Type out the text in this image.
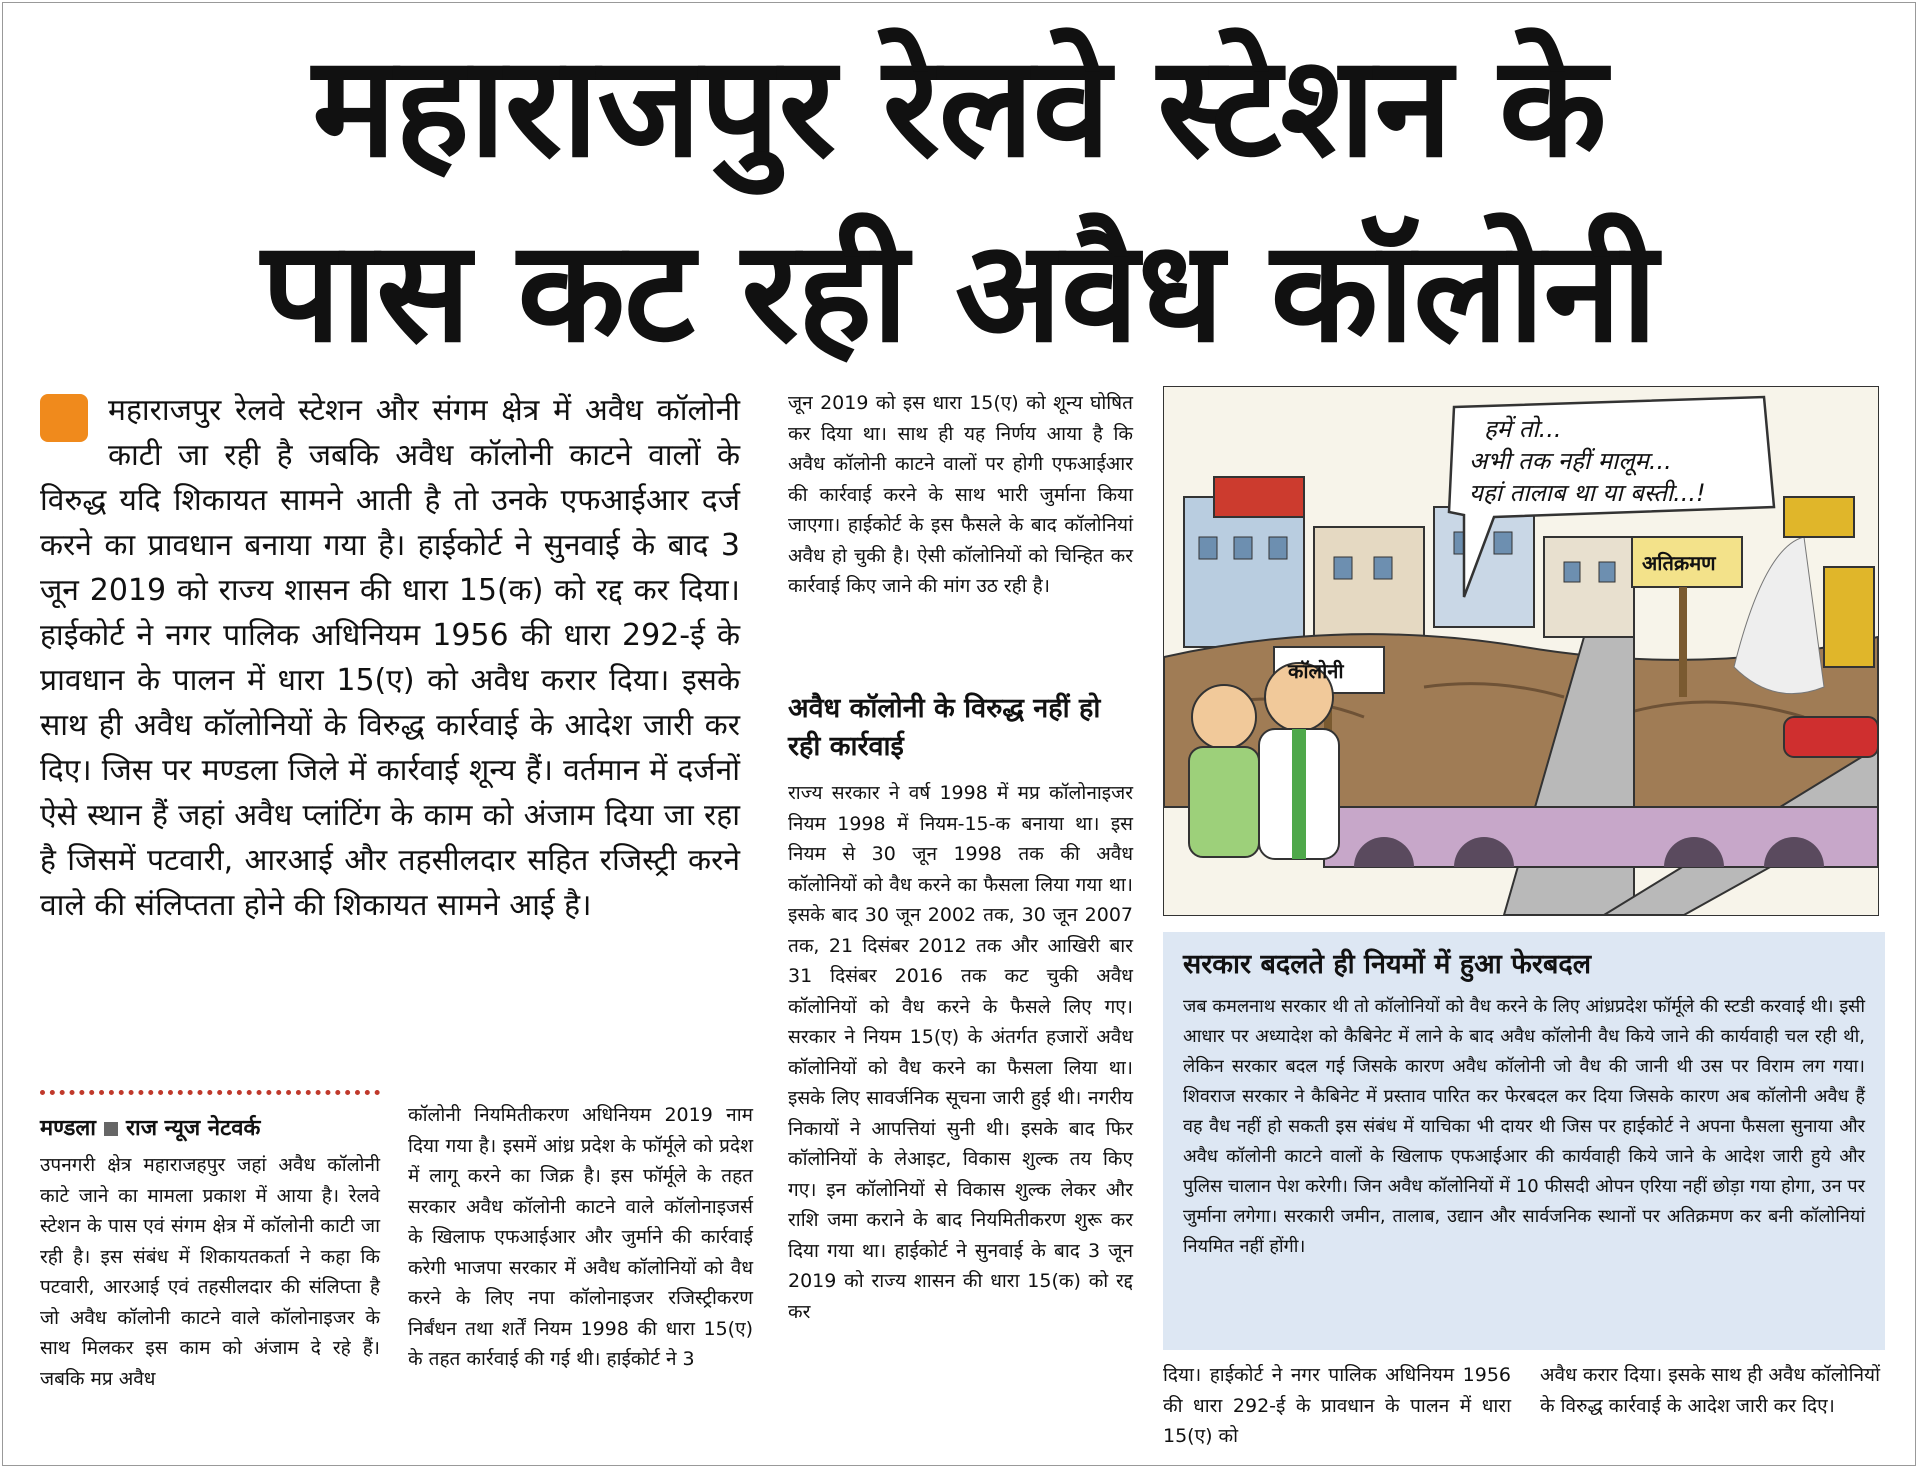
महाराजपुर रेलवे स्टेशन के
पास कट रही अवैध कॉलोनी
“
महाराजपुर रेलवे स्टेशन और संगम क्षेत्र में अवैध कॉलोनी काटी जा रही है जबकि अवैध कॉलोनी काटने वालों के विरुद्ध यदि शिकायत सामने आती है तो उनके एफआईआर दर्ज करने का प्रावधान बनाया गया है। हाईकोर्ट ने सुनवाई के बाद 3 जून 2019 को राज्य शासन की धारा 15(क) को रद्द कर दिया। हाईकोर्ट ने नगर पालिक अधिनियम 1956 की धारा 292-ई के प्रावधान के पालन में धारा 15(ए) को अवैध करार दिया। इसके साथ ही अवैध कॉलोनियों के विरुद्ध कार्रवाई के आदेश जारी कर दिए। जिस पर मण्डला जिले में कार्रवाई शून्य हैं। वर्तमान में दर्जनों ऐसे स्थान हैं जहां अवैध प्लांटिंग के काम को अंजाम दिया जा रहा है जिसमें पटवारी, आरआई और तहसीलदार सहित रजिस्ट्री करने वाले की संलिप्तता होने की शिकायत सामने आई है।
मण्डला राज न्यूज नेटवर्क
उपनगरी क्षेत्र महाराजहपुर जहां अवैध कॉलोनी काटे जाने का मामला प्रकाश में आया है। रेलवे स्टेशन के पास एवं संगम क्षेत्र में कॉलोनी काटी जा रही है। इस संबंध में शिकायतकर्ता ने कहा कि पटवारी, आरआई एवं तहसीलदार की संलिप्ता है जो अवैध कॉलोनी काटने वाले कॉलोनाइजर के साथ मिलकर इस काम को अंजाम दे रहे हैं। जबकि मप्र अवैध
कॉलोनी नियमितीकरण अधिनियम 2019 नाम दिया गया है। इसमें आंध्र प्रदेश के फॉर्मूले को प्रदेश में लागू करने का जिक्र है। इस फॉर्मूले के तहत सरकार अवैध कॉलोनी काटने वाले कॉलोनाइजर्स के खिलाफ एफआईआर और जुर्माने की कार्रवाई करेगी भाजपा सरकार में अवैध कॉलोनियों को वैध करने के लिए नपा कॉलोनाइजर रजिस्ट्रीकरण निर्बंधन तथा शर्तें नियम 1998 की धारा 15(ए) के तहत कार्रवाई की गई थी। हाईकोर्ट ने 3
जून 2019 को इस धारा 15(ए) को शून्य घोषित कर दिया था। साथ ही यह निर्णय आया है कि अवैध कॉलोनी काटने वालों पर होगी एफआईआर की कार्रवाई करने के साथ भारी जुर्माना किया जाएगा। हाईकोर्ट के इस फैसले के बाद कॉलोनियां अवैध हो चुकी है। ऐसी कॉलोनियों को चिन्हित कर कार्रवाई किए जाने की मांग उठ रही है।
अवैध कॉलोनी के विरुद्ध नहीं हो रही कार्रवाई
राज्य सरकार ने वर्ष 1998 में मप्र कॉलोनाइजर नियम 1998 में नियम-15-क बनाया था। इस नियम से 30 जून 1998 तक की अवैध कॉलोनियों को वैध करने का फैसला लिया गया था। इसके बाद 30 जून 2002 तक, 30 जून 2007 तक, 21 दिसंबर 2012 तक और आखिरी बार 31 दिसंबर 2016 तक कट चुकी अवैध कॉलोनियों को वैध करने के फैसले लिए गए। सरकार ने नियम 15(ए) के अंतर्गत हजारों अवैध कॉलोनियों को वैध करने का फैसला लिया था। इसके लिए सावर्जनिक सूचना जारी हुई थी। नगरीय निकायों ने आपत्तियां सुनी थी। इसके बाद फिर कॉलोनियों के लेआइट, विकास शुल्क तय किए गए। इन कॉलोनियों से विकास शुल्क लेकर और राशि जमा कराने के बाद नियमितीकरण शुरू कर दिया गया था। हाईकोर्ट ने सुनवाई के बाद 3 जून 2019 को राज्य शासन की धारा 15(क) को रद्द कर
हमें तो...
अभी तक नहीं मालूम...
यहां तालाब था या बस्ती...!
अतिक्रमण
कॉलोनी
सरकार बदलते ही नियमों में हुआ फेरबदल

जब कमलनाथ सरकार थी तो कॉलोनियों को वैध करने के लिए आंध्रप्रदेश फॉर्मूले की स्टडी करवाई थी। इसी आधार पर अध्यादेश को कैबिनेट में लाने के बाद अवैध कॉलोनी वैध किये जाने की कार्यवाही चल रही थी, लेकिन सरकार बदल गई जिसके कारण अवैध कॉलोनी जो वैध की जानी थी उस पर विराम लग गया। शिवराज सरकार ने कैबिनेट में प्रस्ताव पारित कर फेरबदल कर दिया जिसके कारण अब कॉलोनी अवैध हैं वह वैध नहीं हो सकती इस संबंध में याचिका भी दायर थी जिस पर हाईकोर्ट ने अपना फैसला सुनाया और अवैध कॉलोनी काटने वालों के खिलाफ एफआईआर की कार्यवाही किये जाने के आदेश जारी हुये और पुलिस चालान पेश करेगी। जिन अवैध कॉलोनियों में 10 फीसदी ओपन एरिया नहीं छोड़ा गया होगा, उन पर जुर्माना लगेगा। सरकारी जमीन, तालाब, उद्यान और सार्वजनिक स्थानों पर अतिक्रमण कर बनी कॉलोनियां नियमित नहीं होंगी।

दिया। हाईकोर्ट ने नगर पालिक अधिनियम 1956 की धारा 292-ई के प्रावधान के पालन में धारा 15(ए) को
अवैध करार दिया। इसके साथ ही अवैध कॉलोनियों के विरुद्ध कार्रवाई के आदेश जारी कर दिए।
